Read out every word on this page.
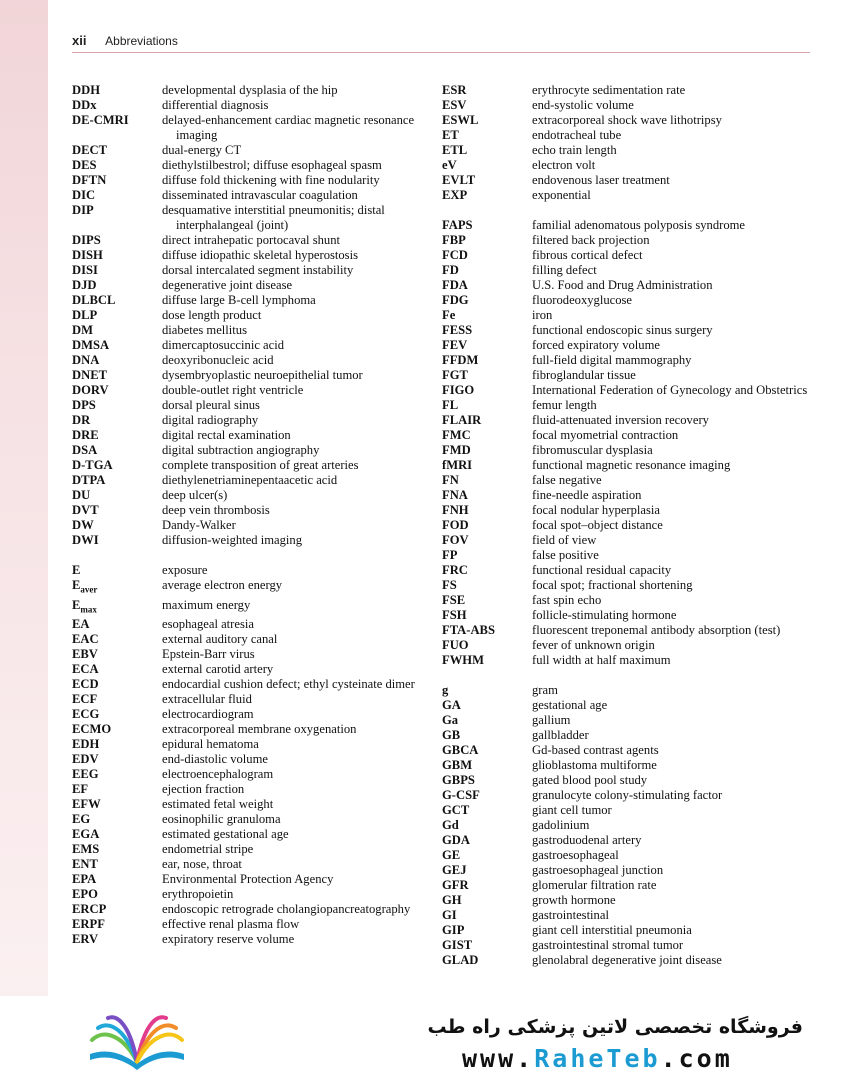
xii Abbreviations
DDH	developmental dysplasia of the hip
DDx	differential diagnosis
DE-CMRI	delayed-enhancement cardiac magnetic resonance imaging
DECT	dual-energy CT
DES	diethylstilbestrol; diffuse esophageal spasm
DFTN	diffuse fold thickening with fine nodularity
DIC	disseminated intravascular coagulation
DIP	desquamative interstitial pneumonitis; distal interphalangeal (joint)
DIPS	direct intrahepatic portocaval shunt
DISH	diffuse idiopathic skeletal hyperostosis
DISI	dorsal intercalated segment instability
DJD	degenerative joint disease
DLBCL	diffuse large B-cell lymphoma
DLP	dose length product
DM	diabetes mellitus
DMSA	dimercaptosuccinic acid
DNA	deoxyribonucleic acid
DNET	dysembryoplastic neuroepithelial tumor
DORV	double-outlet right ventricle
DPS	dorsal pleural sinus
DR	digital radiography
DRE	digital rectal examination
DSA	digital subtraction angiography
D-TGA	complete transposition of great arteries
DTPA	diethylenetriaminepentaacetic acid
DU	deep ulcer(s)
DVT	deep vein thrombosis
DW	Dandy-Walker
DWI	diffusion-weighted imaging
E	exposure
$E_{aver}$	average electron energy
$E_{max}$	maximum energy
EA	esophageal atresia
EAC	external auditory canal
EBV	Epstein-Barr virus
ECA	external carotid artery
ECD	endocardial cushion defect; ethyl cysteinate dimer
ECF	extracellular fluid
ECG	electrocardiogram
ECMO	extracorporeal membrane oxygenation
EDH	epidural hematoma
EDV	end-diastolic volume
EEG	electroencephalogram
EF	ejection fraction
EFW	estimated fetal weight
EG	eosinophilic granuloma
EGA	estimated gestational age
EMS	endometrial stripe
ENT	ear, nose, throat
EPA	Environmental Protection Agency
EPO	erythropoietin
ERCP	endoscopic retrograde cholangiopancreatography
ERPF	effective renal plasma flow
ERV	expiratory reserve volume
ESR	erythrocyte sedimentation rate
ESV	end-systolic volume
ESWL	extracorporeal shock wave lithotripsy
ET	endotracheal tube
ETL	echo train length
eV	electron volt
EVLT	endovenous laser treatment
EXP	exponential
FAPS	familial adenomatous polyposis syndrome
FBP	filtered back projection
FCD	fibrous cortical defect
FD	filling defect
FDA	U.S. Food and Drug Administration
FDG	fluorodeoxyglucose
Fe	iron
FESS	functional endoscopic sinus surgery
FEV	forced expiratory volume
FFDM	full-field digital mammography
FGT	fibroglandular tissue
FIGO	International Federation of Gynecology and Obstetrics
FL	femur length
FLAIR	fluid-attenuated inversion recovery
FMC	focal myometrial contraction
FMD	fibromuscular dysplasia
fMRI	functional magnetic resonance imaging
FN	false negative
FNA	fine-needle aspiration
FNH	focal nodular hyperplasia
FOD	focal spot–object distance
FOV	field of view
FP	false positive
FRC	functional residual capacity
FS	focal spot; fractional shortening
FSE	fast spin echo
FSH	follicle-stimulating hormone
FTA-ABS	fluorescent treponemal antibody absorption (test)
FUO	fever of unknown origin
FWHM	full width at half maximum
g	gram
GA	gestational age
Ga	gallium
GB	gallbladder
GBCA	Gd-based contrast agents
GBM	glioblastoma multiforme
GBPS	gated blood pool study
G-CSF	granulocyte colony-stimulating factor
GCT	giant cell tumor
Gd	gadolinium
GDA	gastroduodenal artery
GE	gastroesophageal
GEJ	gastroesophageal junction
GFR	glomerular filtration rate
GH	growth hormone
GI	gastrointestinal
GIP	giant cell interstitial pneumonia
GIST	gastrointestinal stromal tumor
GLAD	glenolabral degenerative joint disease
فروشگاه تخصصی لاتین پزشکی راه طب
www.RaheTeb.com
